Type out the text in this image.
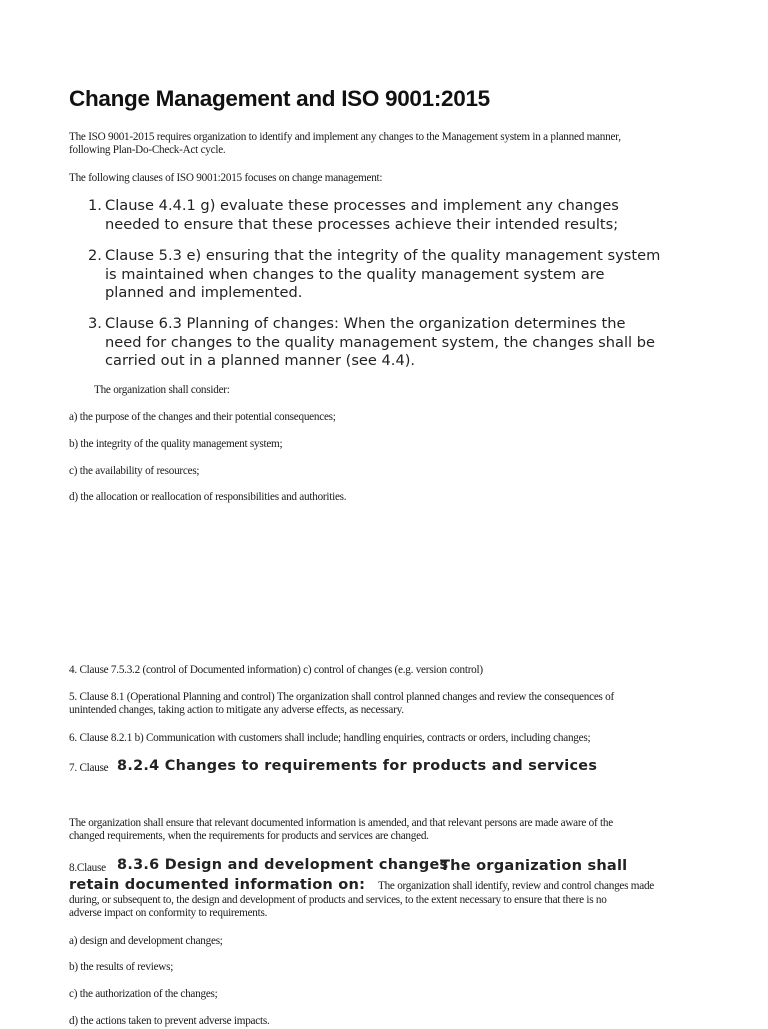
Change Management and ISO 9001:2015

The ISO 9001-2015 requires organization to identify and implement any changes to the Management system in a planned manner,

following Plan-Do-Check-Act cycle.

The following clauses of ISO 9001:2015 focuses on change management:

1. Clause 4.4.1 g) evaluate these processes and implement any changes
needed to ensure that these processes achieve their intended results;
2. Clause 5.3 e) ensuring that the integrity of the quality management system
is maintained when changes to the quality management system are
planned and implemented.
3. Clause 6.3 Planning of changes: When the organization determines the
need for changes to the quality management system, the changes shall be
carried out in a planned manner (see 4.4).

The organization shall consider:

a) the purpose of the changes and their potential consequences;

b) the integrity of the quality management system;

c) the availability of resources;

d) the allocation or reallocation of responsibilities and authorities.

4. Clause 7.5.3.2 (control of Documented information) c) control of changes (e.g. version control)

5. Clause 8.1 (Operational Planning and control) The organization shall control planned changes and review the consequences of

unintended changes, taking action to mitigate any adverse effects, as necessary.

6. Clause 8.2.1 b) Communication with customers shall include; handling enquiries, contracts or orders, including changes;

7. Clause 8.2.4 Changes to requirements for products and services

The organization shall ensure that relevant documented information is amended, and that relevant persons are made aware of the

changed requirements, when the requirements for products and services are changed.

8.Clause 8.3.6 Design and development changes
The organization shall
retain documented information on: The organization shall identify, review and control changes made

during, or subsequent to, the design and development of products and services, to the extent necessary to ensure that there is no

adverse impact on conformity to requirements.

a) design and development changes;

b) the results of reviews;

c) the authorization of the changes;

d) the actions taken to prevent adverse impacts.
